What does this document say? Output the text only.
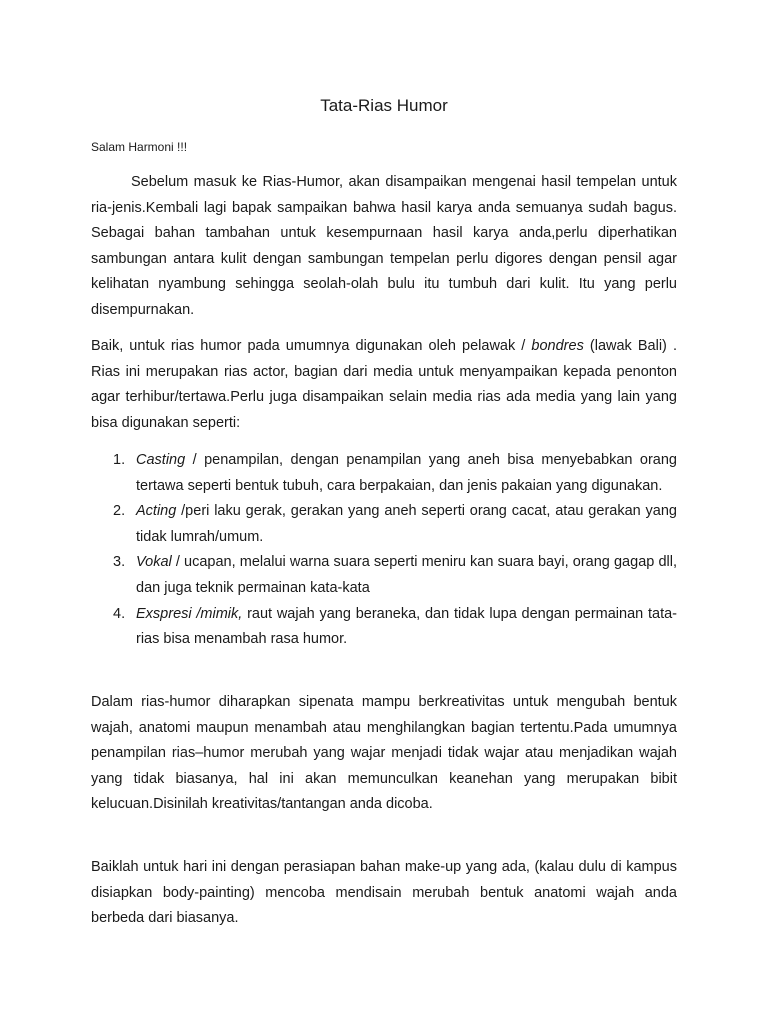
Tata-Rias Humor
Salam Harmoni !!!

Sebelum masuk ke Rias-Humor, akan disampaikan mengenai hasil tempelan untuk ria-jenis.Kembali lagi bapak sampaikan bahwa hasil karya anda semuanya sudah bagus. Sebagai bahan tambahan untuk kesempurnaan hasil karya anda,perlu diperhatikan sambungan antara kulit dengan sambungan tempelan perlu digores dengan pensil agar kelihatan nyambung sehingga seolah-olah bulu itu tumbuh dari kulit. Itu yang perlu disempurnakan.

Baik, untuk rias humor pada umumnya digunakan oleh pelawak / bondres (lawak Bali) . Rias ini merupakan rias actor, bagian dari media untuk menyampaikan kepada penonton agar terhibur/tertawa.Perlu juga disampaikan selain media rias ada media yang lain yang bisa digunakan seperti:

1. Casting / penampilan, dengan penampilan yang aneh bisa menyebabkan orang tertawa seperti bentuk tubuh, cara berpakaian, dan jenis pakaian yang digunakan.
2. Acting /peri laku gerak, gerakan yang aneh seperti orang cacat, atau gerakan yang tidak lumrah/umum.
3. Vokal / ucapan, melalui warna suara seperti meniru kan suara bayi, orang gagap dll, dan juga teknik permainan kata-kata
4. Exspresi /mimik, raut wajah yang beraneka, dan tidak lupa dengan permainan tata-rias bisa menambah rasa humor.

Dalam rias-humor diharapkan sipenata mampu berkreativitas untuk mengubah bentuk wajah, anatomi maupun menambah atau menghilangkan bagian tertentu.Pada umumnya penampilan rias–humor merubah yang wajar menjadi tidak wajar atau menjadikan wajah yang tidak biasanya, hal ini akan memunculkan keanehan yang merupakan bibit kelucuan.Disinilah kreativitas/tantangan anda dicoba.

Baiklah untuk hari ini dengan perasiapan bahan make-up yang ada, (kalau dulu di kampus disiapkan body-painting) mencoba mendisain merubah bentuk anatomi wajah anda berbeda dari biasanya.
